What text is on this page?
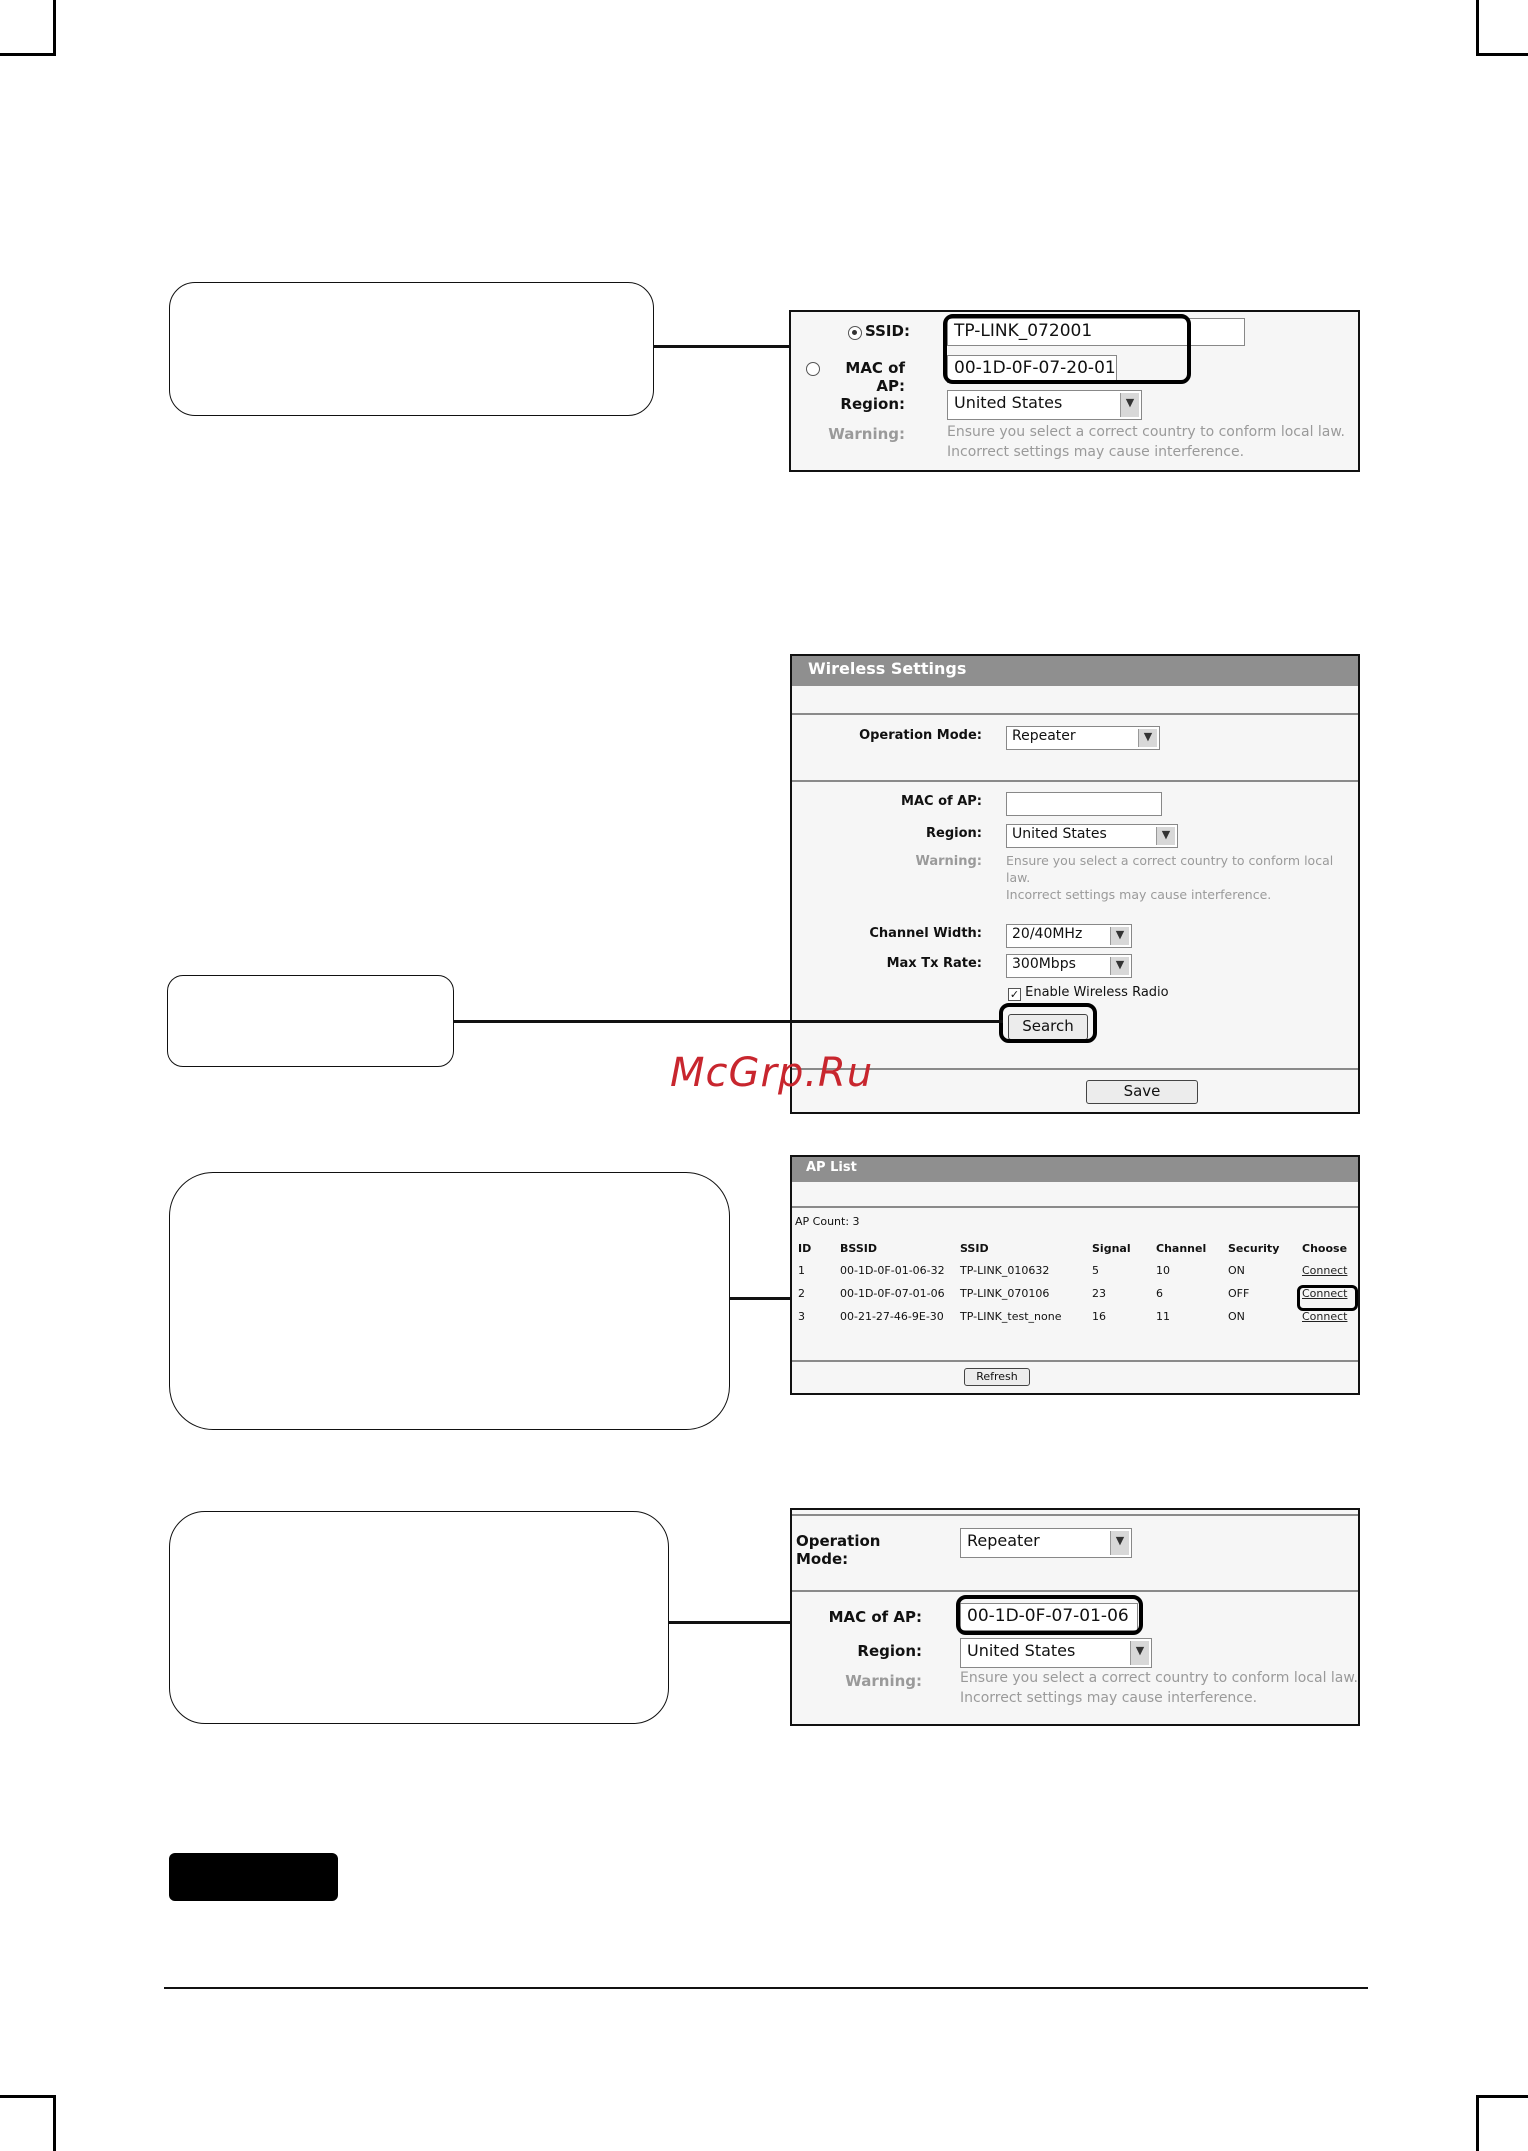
SSID:	TP-LINK_072001
MAC of AP:
00-1D-0F-07-20-01
Region:	United States	▼
Warning:	Ensure you select a correct country to conform local law.
Incorrect settings may cause interference.
Wireless Settings
Operation Mode:	Repeater	▼
MAC of AP:
Region:	United States	▼
Warning: Ensure you select a correct country to conform local law.
Incorrect settings may cause interference.
Channel Width:	20/40MHz	▼
Max Tx Rate:	300Mbps	▼
✓ Enable Wireless Radio
Search
Save
McGrp.Ru
AP List
AP Count: 3
ID	BSSID	SSID	Signal	Channel	Security	Choose
1	00-1D-0F-01-06-32	TP-LINK_010632	5	10	ON	Connect
2	00-1D-0F-07-01-06	TP-LINK_070106	23	6	OFF	Connect
3	00-21-27-46-9E-30	TP-LINK_test_none	16	11	ON	Connect
Refresh
Operation Mode:
Repeater	▼
MAC of AP:	00-1D-0F-07-01-06
Region:	United States	▼
Warning:	Ensure you select a correct country to conform local law.
Incorrect settings may cause interference.
